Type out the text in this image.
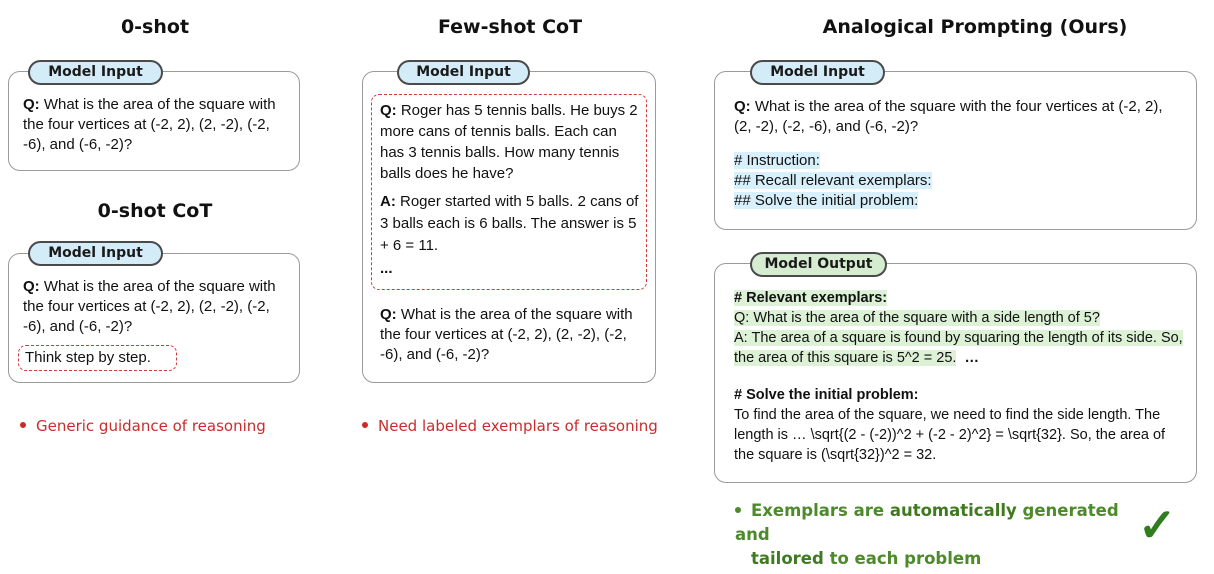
0-shot

Q: What is the area of the square with the four vertices at (-2, 2), (2, -2), (-2, -6), and (-6, -2)?

Model Input
0-shot CoT

Q: What is the area of the square with the four vertices at (-2, 2), (2, -2), (-2, -6), and (-6, -2)?

Think step by step.
Model Input
Generic guidance of reasoning
Few-shot CoT

Q: Roger has 5 tennis balls. He buys 2 more cans of tennis balls. Each can has 3 tennis balls. How many tennis balls does he have?

A: Roger started with 5 balls. 2 cans of 3 balls each is 6 balls. The answer is 5 + 6 = 11.

...

Q: What is the area of the square with the four vertices at (-2, 2), (2, -2), (-2, -6), and (-6, -2)?

Model Input
Need labeled exemplars of reasoning
Analogical Prompting (Ours)

Q: What is the area of the square with the four vertices at (-2, 2), (2, -2), (-2, -6), and (-6, -2)?

# Instruction:
## Recall relevant exemplars:
## Solve the initial problem:
Model Input
# Relevant exemplars:
Q: What is the area of the square with a side length of 5?
A: The area of a square is found by squaring the length of its side. So, the area of this square is 5^2 = 25. …
# Solve the initial problem:
To find the area of the square, we need to find the side length. The length is … \sqrt{(2 - (-2))^2 + (-2 - 2)^2} = \sqrt{32}. So, the area of the square is (\sqrt{32})^2 = 32.
Model Output
Exemplars are automatically generated and
tailored to each problem
✓
